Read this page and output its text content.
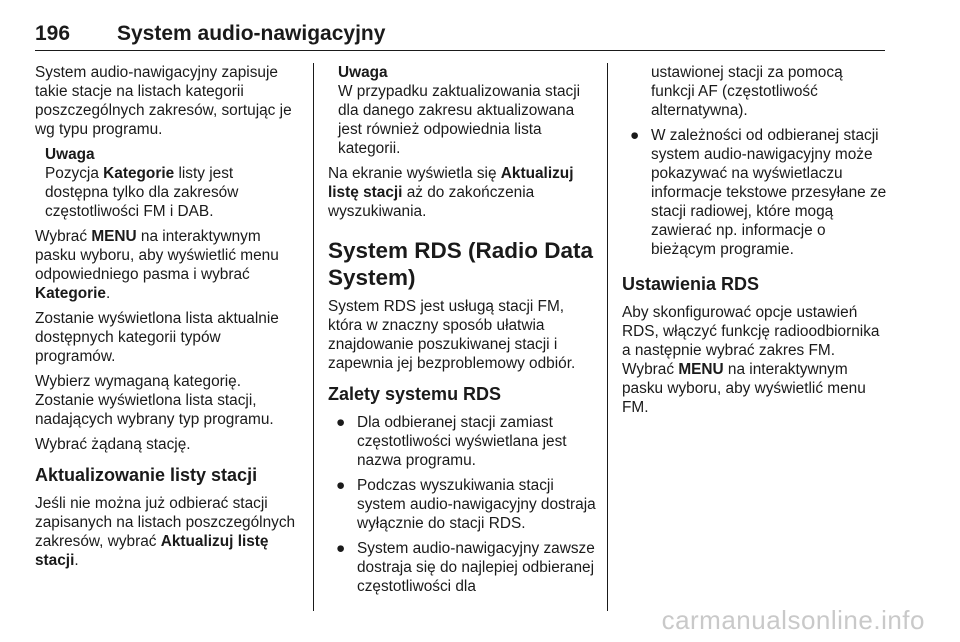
196 System audio-nawigacyjny

System audio-nawigacyjny zapisuje takie stacje na listach kategorii poszczególnych zakresów, sortując je wg typu programu.

Uwaga
Pozycja Kategorie listy jest dostępna tylko dla zakresów częstotliwości FM i DAB.

Wybrać MENU na interaktywnym pasku wyboru, aby wyświetlić menu odpowiedniego pasma i wybrać Kategorie.

Zostanie wyświetlona lista aktualnie dostępnych kategorii typów programów.

Wybierz wymaganą kategorię. Zostanie wyświetlona lista stacji, nadających wybrany typ programu.

Wybrać żądaną stację.

Aktualizowanie listy stacji

Jeśli nie można już odbierać stacji zapisanych na listach poszczególnych zakresów, wybrać Aktualizuj listę stacji.

Uwaga
W przypadku zaktualizowania stacji dla danego zakresu aktualizowana jest również odpowiednia lista kategorii.

Na ekranie wyświetla się Aktualizuj listę stacji aż do zakończenia wyszukiwania.

System RDS (Radio Data System)

System RDS jest usługą stacji FM, która w znaczny sposób ułatwia znajdowanie poszukiwanej stacji i zapewnia jej bezproblemowy odbiór.

Zalety systemu RDS
● Dla odbieranej stacji zamiast częstotliwości wyświetlana jest nazwa programu.
● Podczas wyszukiwania stacji system audio-nawigacyjny dostraja wyłącznie do stacji RDS.
● System audio-nawigacyjny zawsze dostraja się do najlepiej odbieranej częstotliwości dla
ustawionej stacji za pomocą funkcji AF (częstotliwość alternatywna).
● W zależności od odbieranej stacji system audio-nawigacyjny może pokazywać na wyświetlaczu informacje tekstowe przesyłane ze stacji radiowej, które mogą zawierać np. informacje o bieżącym programie.
Ustawienia RDS

Aby skonfigurować opcje ustawień RDS, włączyć funkcję radioodbiornika a następnie wybrać zakres FM. Wybrać MENU na interaktywnym pasku wyboru, aby wyświetlić menu FM.

carmanualsonline.info
